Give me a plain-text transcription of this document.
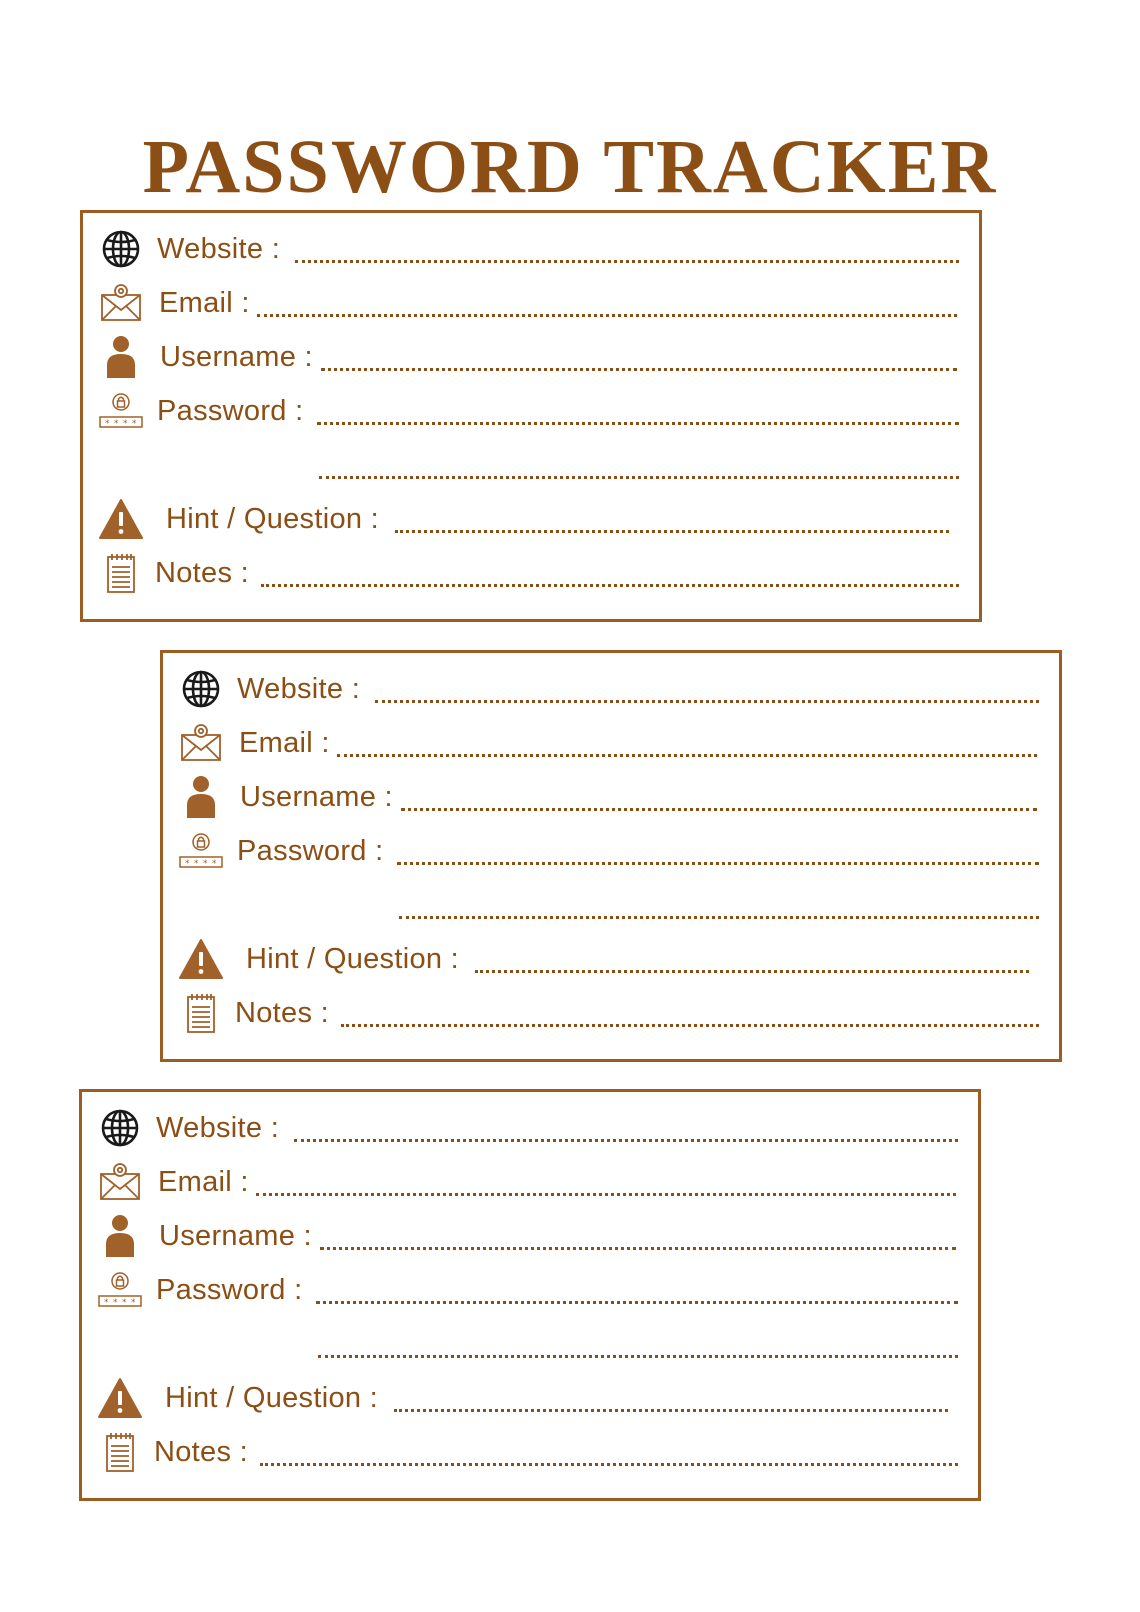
PASSWORD TRACKER
Website :
Email :
Username :
* * * * Password :
Hint / Question :
Notes :
Website :
Email :
Username :
* * * * Password :
Hint / Question :
Notes :
Website :
Email :
Username :
* * * * Password :
Hint / Question :
Notes :
